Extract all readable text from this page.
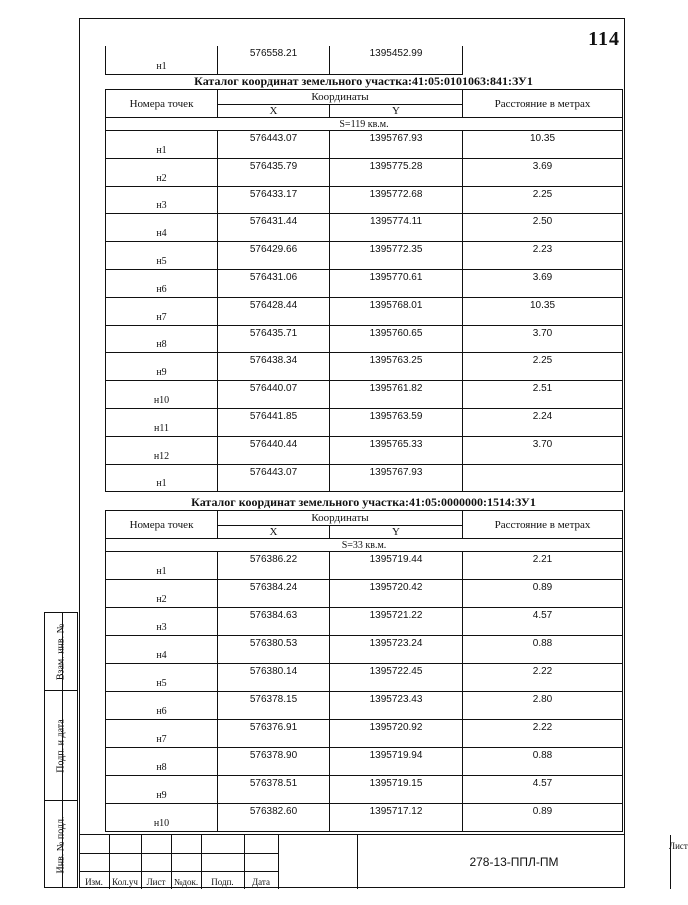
114
н1	576558.21	1395452.99
Каталог координат земельного участка:41:05:0101063:841:ЗУ1
Номера точек	Координаты		Расстояние в метрах
	X	Y	
S=119 кв.м.			
н1	576443.07	1395767.93	10.35
н2	576435.79	1395775.28	3.69
н3	576433.17	1395772.68	2.25
н4	576431.44	1395774.11	2.50
н5	576429.66	1395772.35	2.23
н6	576431.06	1395770.61	3.69
н7	576428.44	1395768.01	10.35
н8	576435.71	1395760.65	3.70
н9	576438.34	1395763.25	2.25
н10	576440.07	1395761.82	2.51
н11	576441.85	1395763.59	2.24
н12	576440.44	1395765.33	3.70
н1	576443.07	1395767.93	
Каталог координат земельного участка:41:05:0000000:1514:ЗУ1
Номера точек	Координаты		Расстояние в метрах
	X	Y	
S=33 кв.м.			
н1	576386.22	1395719.44	2.21
н2	576384.24	1395720.42	0.89
н3	576384.63	1395721.22	4.57
н4	576380.53	1395723.24	0.88
н5	576380.14	1395722.45	2.22
н6	576378.15	1395723.43	2.80
н7	576376.91	1395720.92	2.22
н8	576378.90	1395719.94	0.88
н9	576378.51	1395719.15	4.57
н10	576382.60	1395717.12	0.89
Взам. инв. №
Подп. и дата
Инв. № подл.
Изм.	Кол.уч Лист №док.	Подп.	Дата
278-13-ППЛ-ПМ
Лист
